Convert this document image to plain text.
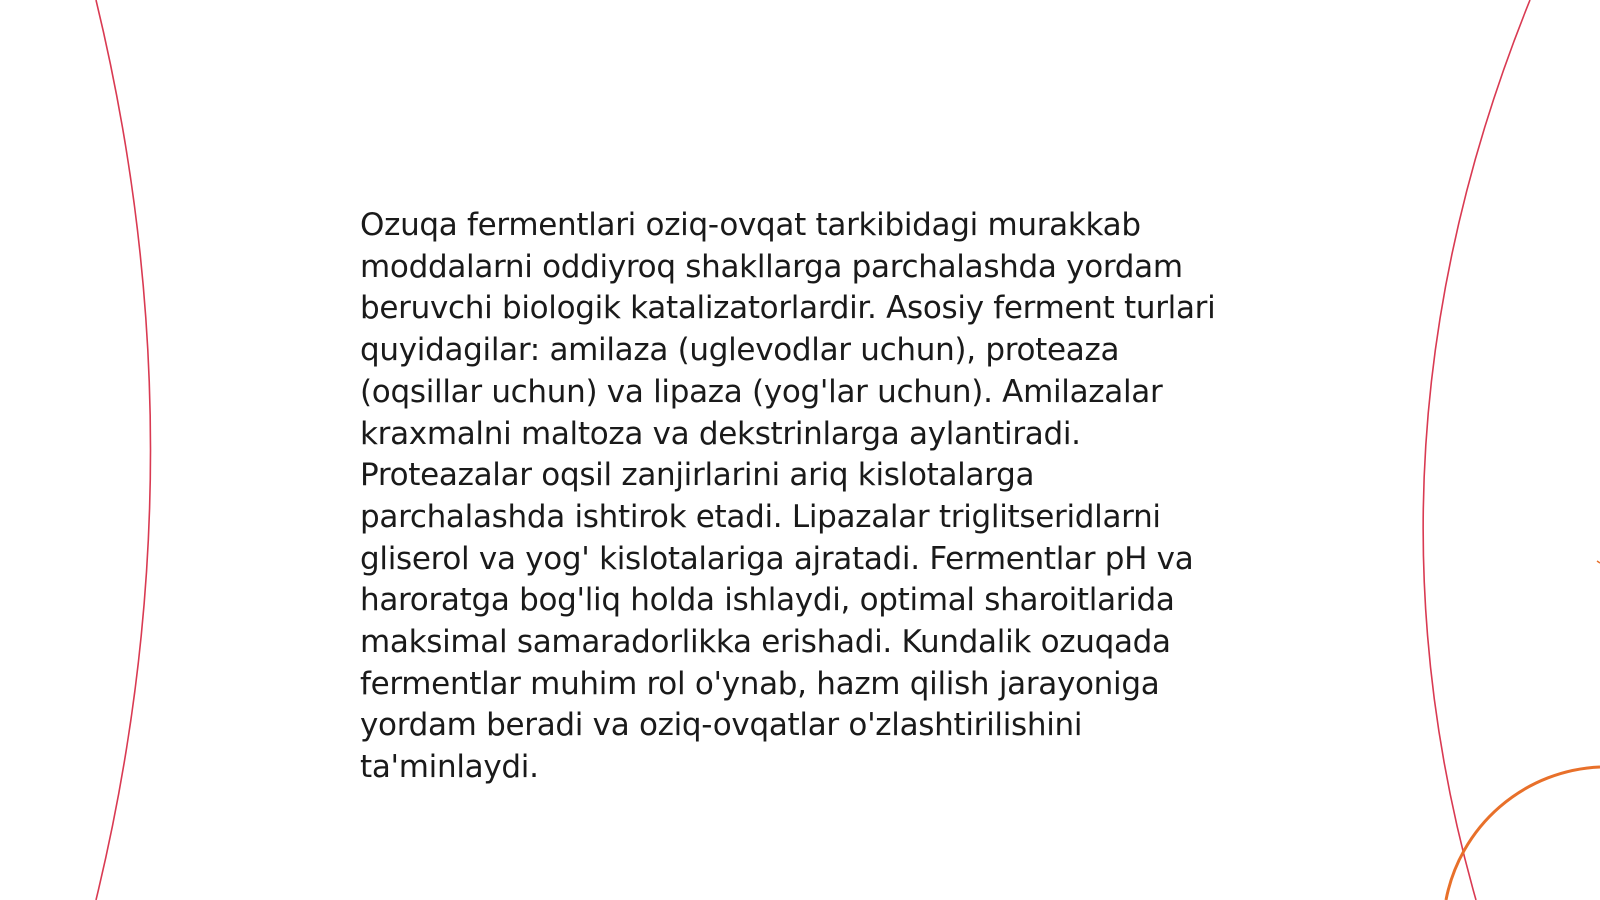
Ozuqa fermentlari oziq-ovqat tarkibidagi murakkab moddalarni oddiyroq shakllarga parchalashda yordam beruvchi biologik katalizatorlardir. Asosiy ferment turlari quyidagilar: amilaza (uglevodlar uchun), proteaza (oqsillar uchun) va lipaza (yog'lar uchun). Amilazalar kraxmalni maltoza va dekstrinlarga aylantiradi. Proteazalar oqsil zanjirlarini ariq kislotalarga parchalashda ishtirok etadi. Lipazalar triglitseridlarni gliserol va yog' kislotalariga ajratadi. Fermentlar pH va haroratga bog'liq holda ishlaydi, optimal sharoitlarida maksimal samaradorlikka erishadi. Kundalik ozuqada fermentlar muhim rol o'ynab, hazm qilish jarayoniga yordam beradi va oziq-ovqatlar o'zlashtirilishini ta'minlaydi.
